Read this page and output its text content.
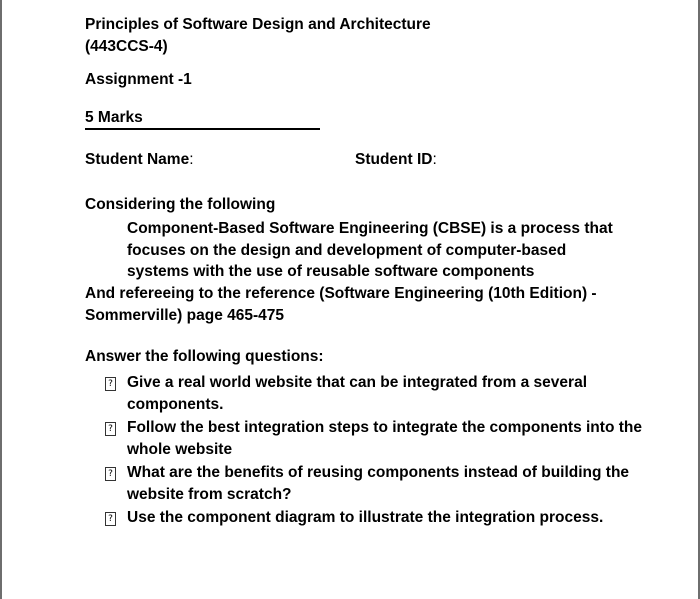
Principles of Software Design and Architecture
(443CCS-4)
Assignment -1
5 Marks
Student Name:	Student ID:
Considering the following
Component-Based Software Engineering (CBSE) is a process that focuses on the design and development of computer-based systems with the use of reusable software components
And refereeing to the reference (Software Engineering (10th Edition) - Sommerville) page 465-475
Answer the following questions:
? Give a real world website that can be integrated from a several components.
? Follow the best integration steps to integrate the components into the whole website
? What are the benefits of reusing components instead of building the website from scratch?
? Use the component diagram to illustrate the integration process.
